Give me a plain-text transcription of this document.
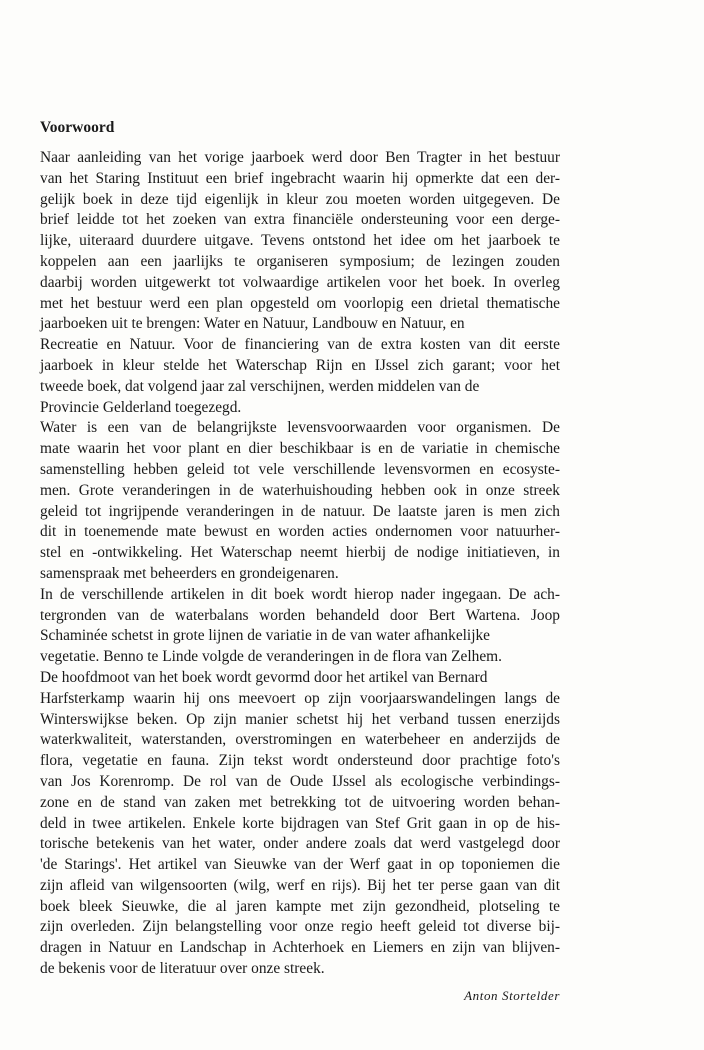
Voorwoord
Naar aanleiding van het vorige jaarboek werd door Ben Tragter in het bestuur
van het Staring Instituut een brief ingebracht waarin hij opmerkte dat een der-
gelijk boek in deze tijd eigenlijk in kleur zou moeten worden uitgegeven. De
brief leidde tot het zoeken van extra financiële ondersteuning voor een derge-
lijke, uiteraard duurdere uitgave. Tevens ontstond het idee om het jaarboek te
koppelen aan een jaarlijks te organiseren symposium; de lezingen zouden
daarbij worden uitgewerkt tot volwaardige artikelen voor het boek. In overleg
met het bestuur werd een plan opgesteld om voorlopig een drietal thematische
jaarboeken uit te brengen: Water en Natuur, Landbouw en Natuur, en
Recreatie en Natuur. Voor de financiering van de extra kosten van dit eerste
jaarboek in kleur stelde het Waterschap Rijn en IJssel zich garant; voor het
tweede boek, dat volgend jaar zal verschijnen, werden middelen van de
Provincie Gelderland toegezegd.
Water is een van de belangrijkste levensvoorwaarden voor organismen. De
mate waarin het voor plant en dier beschikbaar is en de variatie in chemische
samenstelling hebben geleid tot vele verschillende levensvormen en ecosyste-
men. Grote veranderingen in de waterhuishouding hebben ook in onze streek
geleid tot ingrijpende veranderingen in de natuur. De laatste jaren is men zich
dit in toenemende mate bewust en worden acties ondernomen voor natuurher-
stel en -ontwikkeling. Het Waterschap neemt hierbij de nodige initiatieven, in
samenspraak met beheerders en grondeigenaren.
In de verschillende artikelen in dit boek wordt hierop nader ingegaan. De ach-
tergronden van de waterbalans worden behandeld door Bert Wartena. Joop
Schaminée schetst in grote lijnen de variatie in de van water afhankelijke
vegetatie. Benno te Linde volgde de veranderingen in de flora van Zelhem.
De hoofdmoot van het boek wordt gevormd door het artikel van Bernard
Harfsterkamp waarin hij ons meevoert op zijn voorjaarswandelingen langs de
Winterswijkse beken. Op zijn manier schetst hij het verband tussen enerzijds
waterkwaliteit, waterstanden, overstromingen en waterbeheer en anderzijds de
flora, vegetatie en fauna. Zijn tekst wordt ondersteund door prachtige foto's
van Jos Korenromp. De rol van de Oude IJssel als ecologische verbindings-
zone en de stand van zaken met betrekking tot de uitvoering worden behan-
deld in twee artikelen. Enkele korte bijdragen van Stef Grit gaan in op de his-
torische betekenis van het water, onder andere zoals dat werd vastgelegd door
'de Starings'. Het artikel van Sieuwke van der Werf gaat in op toponiemen die
zijn afleid van wilgensoorten (wilg, werf en rijs). Bij het ter perse gaan van dit
boek bleek Sieuwke, die al jaren kampte met zijn gezondheid, plotseling te
zijn overleden. Zijn belangstelling voor onze regio heeft geleid tot diverse bij-
dragen in Natuur en Landschap in Achterhoek en Liemers en zijn van blijven-
de bekenis voor de literatuur over onze streek.
Anton Stortelder
